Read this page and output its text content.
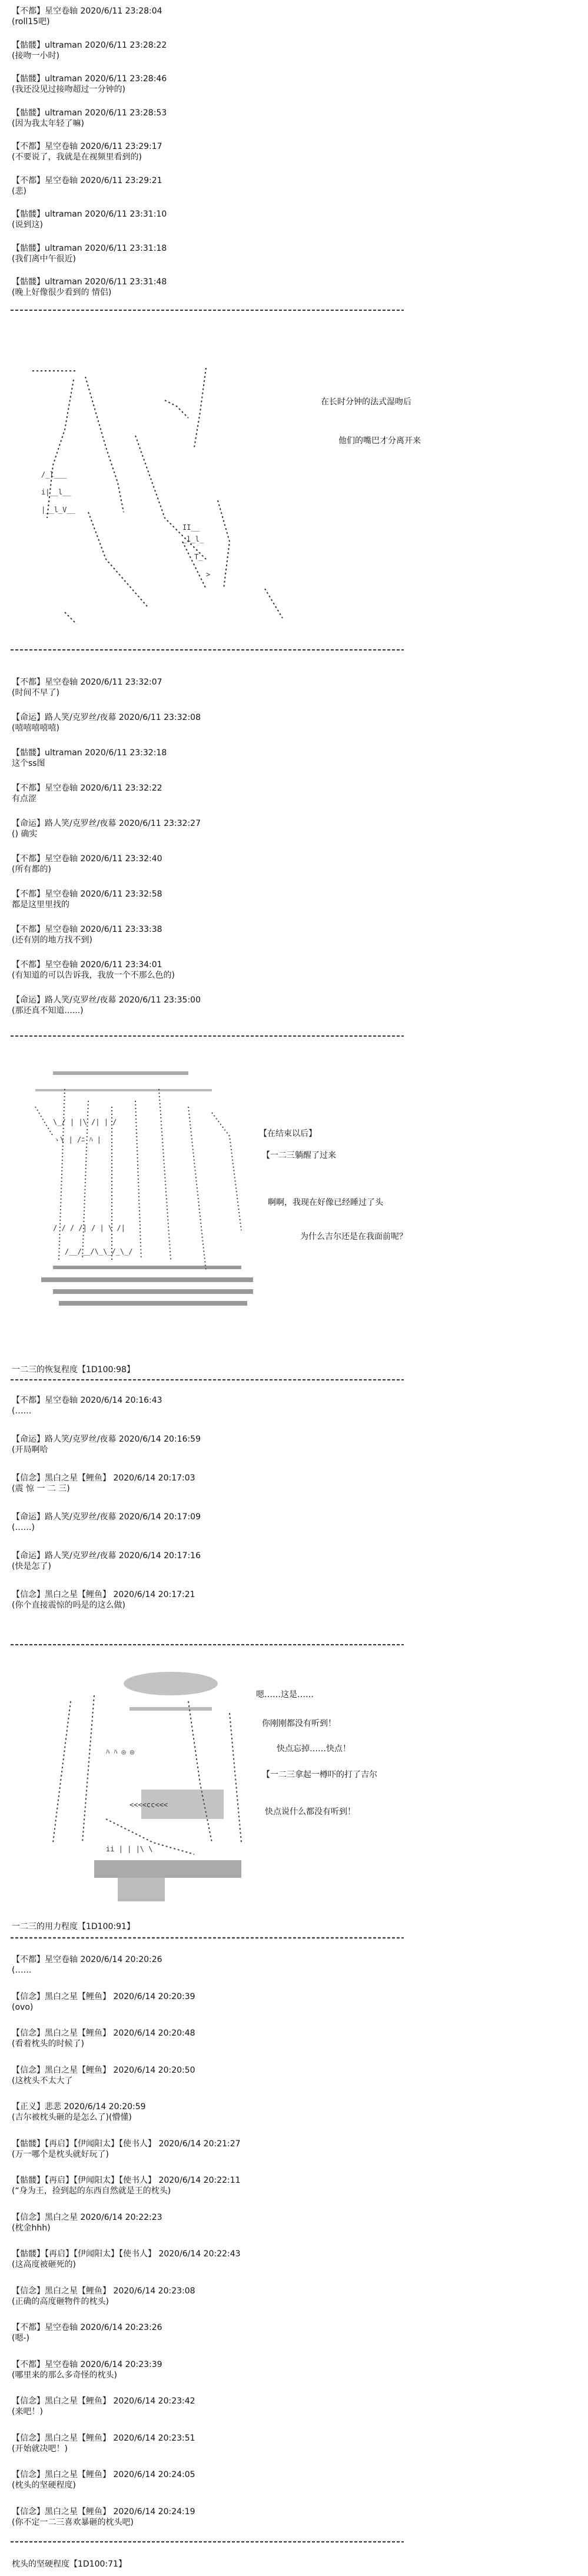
【不都】星空卷轴 2020/6/11 23:28:04
(roll15吧)
【骷髅】ultraman 2020/6/11 23:28:22
(接吻一小时)
【骷髅】ultraman 2020/6/11 23:28:46
(我还没见过接吻超过一分钟的)
【骷髅】ultraman 2020/6/11 23:28:53
(因为我太年轻了嘛)
【不都】星空卷轴 2020/6/11 23:29:17
(不要说了，我就是在视频里看到的)
【不都】星空卷轴 2020/6/11 23:29:21
(悲)
【骷髅】ultraman 2020/6/11 23:31:10
(说到这)
【骷髅】ultraman 2020/6/11 23:31:18
(我们离中午很近)
【骷髅】ultraman 2020/6/11 23:31:48
(晚上好像很少看到的 情侣)
【不都】星空卷轴 2020/6/11 23:32:07
(时间不早了)
【命运】路人笑/克罗丝/夜幕 2020/6/11 23:32:08
(嘻嘻嘻嘻嘻)
【骷髅】ultraman 2020/6/11 23:32:18
这个ss图
【不都】星空卷轴 2020/6/11 23:32:22
有点涩
【命运】路人笑/克罗丝/夜幕 2020/6/11 23:32:27
() 确实
【不都】星空卷轴 2020/6/11 23:32:40
(所有都的)
【不都】星空卷轴 2020/6/11 23:32:58
都是这里里找的
【不都】星空卷轴 2020/6/11 23:33:38
(还有别的地方找不到)
【不都】星空卷轴 2020/6/11 23:34:01
(有知道的可以告诉我，我放一个不那么色的)
【命运】路人笑/克罗丝/夜幕 2020/6/11 23:35:00
(那还真不知道......)
【不都】星空卷轴 2020/6/14 20:16:43
(……
【命运】路人笑/克罗丝/夜幕 2020/6/14 20:16:59
(开局啊哈
【信念】黑白之星【鲤鱼】 2020/6/14 20:17:03
(震 惊 一 二 三)
【命运】路人笑/克罗丝/夜幕 2020/6/14 20:17:09
(……)
【命运】路人笑/克罗丝/夜幕 2020/6/14 20:17:16
(快是怎了)
【信念】黑白之星【鲤鱼】 2020/6/14 20:17:21
(你个直接震惊的吗是的这么做)
【不都】星空卷轴 2020/6/14 20:20:26
(……
【信念】黑白之星【鲤鱼】 2020/6/14 20:20:39
(ovo)
【信念】黑白之星【鲤鱼】 2020/6/14 20:20:48
(看着枕头的时候了)
【信念】黑白之星【鲤鱼】 2020/6/14 20:20:50
(这枕头不太大了
【正义】悲悲 2020/6/14 20:20:59
(吉尔被枕头砸的是怎么了)(懵懂)
【骷髅】【再启】【伊闻阳太】【使书人】 2020/6/14 20:21:27
(万一哪个是枕头就好玩了)
【骷髅】【再启】【伊闻阳太】【使书人】 2020/6/14 20:22:11
(“身为王，捡到起的东西自然就是王的枕头)
【信念】黑白之星 2020/6/14 20:22:23
(枕金hhh)
【骷髅】【再启】【伊闻阳太】【使书人】 2020/6/14 20:22:43
(这高度被砸死的)
【信念】黑白之星【鲤鱼】 2020/6/14 20:23:08
(正确的高度砸物件的枕头)
【不都】星空卷轴 2020/6/14 20:23:26
(嗯-)
【不都】星空卷轴 2020/6/14 20:23:39
(哪里来的那么多奇怪的枕头)
【信念】黑白之星【鲤鱼】 2020/6/14 20:23:42
(来吧！)
【信念】黑白之星【鲤鱼】 2020/6/14 20:23:51
(开始就决吧！)
【信念】黑白之星【鲤鱼】 2020/6/14 20:24:05
(枕头的坚硬程度)
【信念】黑白之星【鲤鱼】 2020/6/14 20:24:19
(你不定一二三喜欢暴砸的枕头吧)
/_l___
i|__l__
|__l_V__
II__
_l_l_
T_
>
在长时分钟的法式湿吻后
他们的嘴巴才分离开来
\_/ | |\ /| | /
ゝ\ | /ﾆ ﾊ |
/ / / /| / | \ /|
/__/__/\_\_/_\_/
【在结束以后】
【一二三躺醒了过来
啊啊，我现在好像已经睡过了头
为什么吉尔还是在我面前呢？
ﾊ ﾊ ◎ ◎
<<<<cc<<<
ii | | |\ \
嗯……这是……
你刚刚都没有听到！
快点忘掉……快点！
【一二三拿起一樽吓的打了吉尔
快点说什么都没有听到！
一二三的恢复程度【1D100:98】
一二三的用力程度【1D100:91】
枕头的坚硬程度【1D100:71】
